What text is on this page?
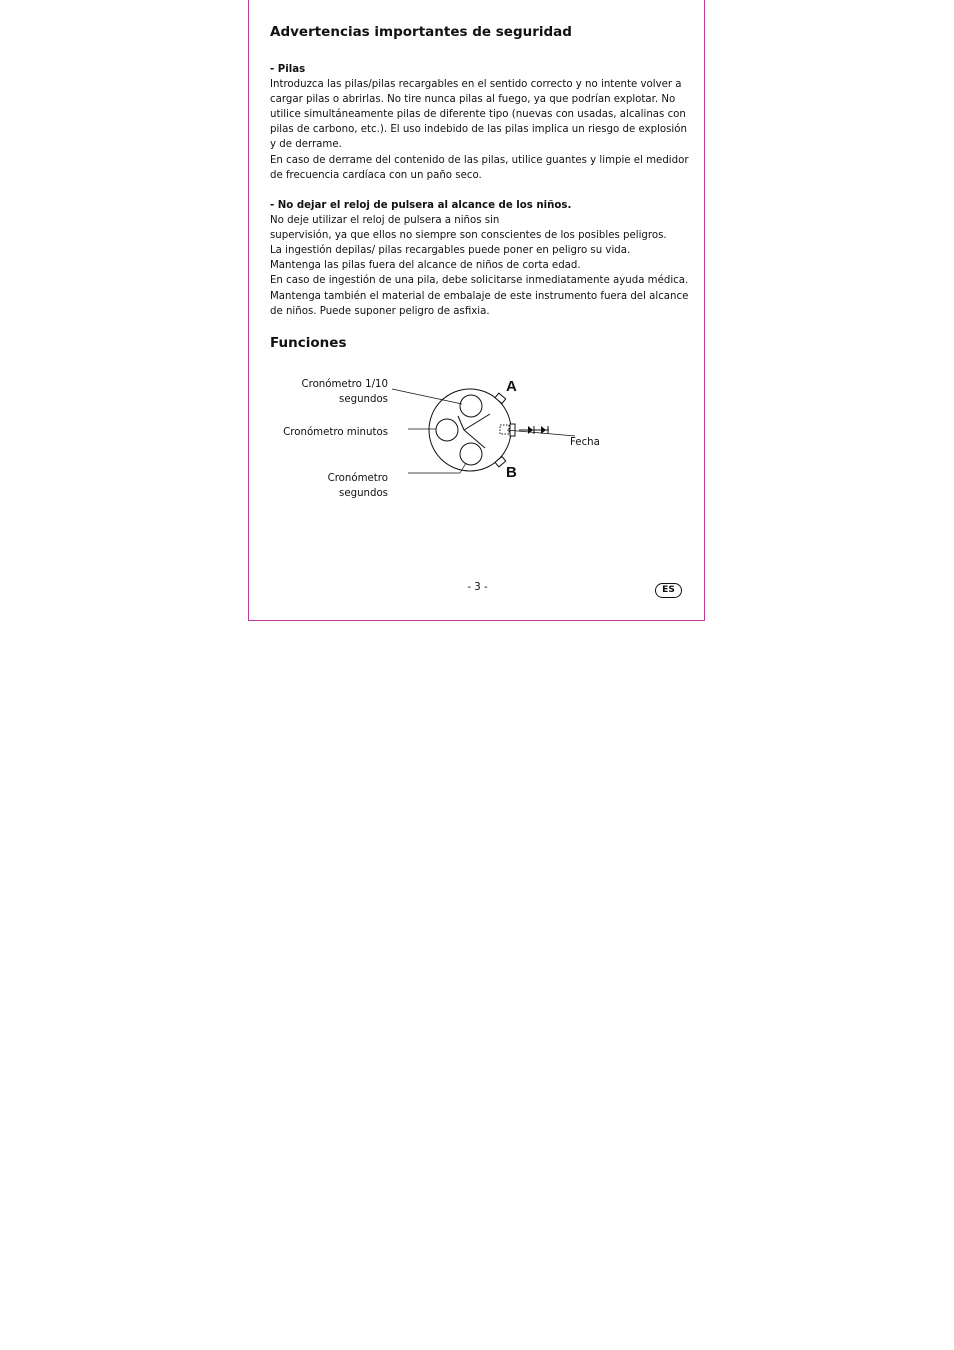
Advertencias importantes de seguridad

- Pilas

Introduzca las pilas/pilas recargables en el sentido correcto y no intente volver a

cargar pilas o abrirlas. No tire nunca pilas al fuego, ya que podrían explotar. No

utilice simultáneamente pilas de diferente tipo (nuevas con usadas, alcalinas con

pilas de carbono, etc.). El uso indebido de las pilas implica un riesgo de explosión

y de derrame.

En caso de derrame del contenido de las pilas, utilice guantes y limpie el medidor

de frecuencia cardíaca con un paño seco.

- No dejar el reloj de pulsera al alcance de los niños.

No deje utilizar el reloj de pulsera a niños sin

supervisión, ya que ellos no siempre son conscientes de los posibles peligros.

La ingestión depilas/ pilas recargables puede poner en peligro su vida.

Mantenga las pilas fuera del alcance de niños de corta edad.

En caso de ingestión de una pila, debe solicitarse inmediatamente ayuda médica.

Mantenga también el material de embalaje de este instrumento fuera del alcance

de niños. Puede suponer peligro de asfixia.

Funciones
Cronómetro 1/10
segundos
Cronómetro minutos
Cronómetro
segundos
Fecha
A
B
- 3 -	ES
